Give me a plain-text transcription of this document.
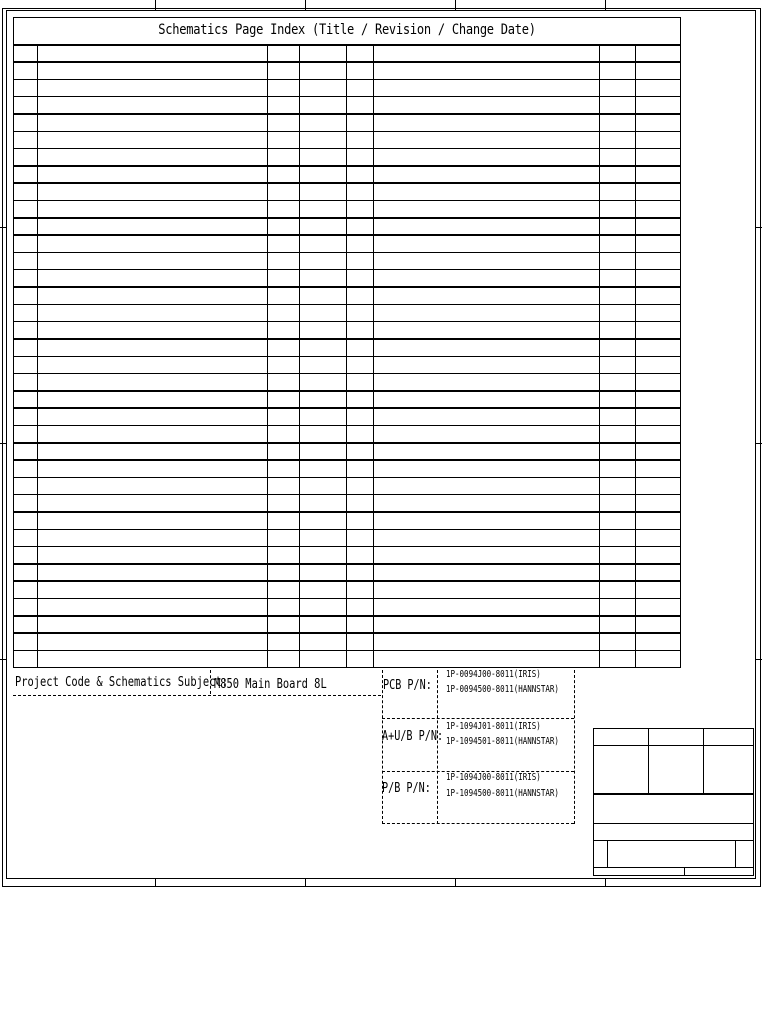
Schematics Page Index (Title / Revision / Change Date)
Project Code & Schematics Subject:
M850 Main Board 8L	PCB P/N:
1P-0094J00-8011(IRIS)
1P-0094500-8011(HANNSTAR)
A+U/B P/N:
1P-1094J01-8011(IRIS)
1P-1094501-8011(HANNSTAR)
P/B P/N:
1P-1094J00-8011(IRIS)
1P-1094500-8011(HANNSTAR)
